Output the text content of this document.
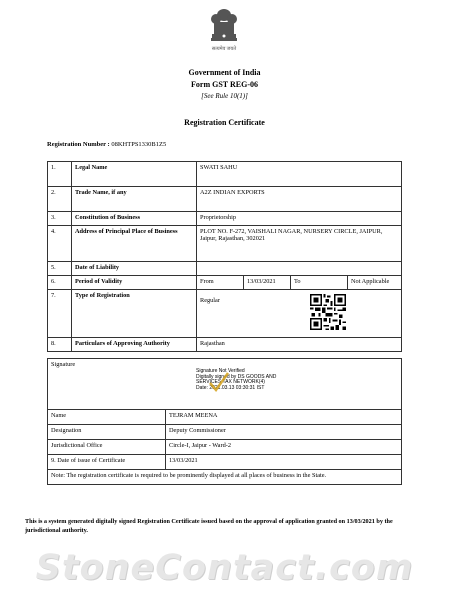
सत्यमेव जयते
Government of India
Form GST REG-06
[See Rule 10(1)]
Registration Certificate
Registration Number : 08KHTPS1330B1Z5
1.	Legal Name	SWATI SAHU			
2.	Trade Name, if any	A2Z INDIAN EXPORTS			
3.	Constitution of Business	Proprietorship			
4.	Address of Principal Place of Business	PLOT NO. F-272, VAISHALI NAGAR, NURSERY CIRCLE, JAIPUR, Jaipur, Rajasthan, 302021			
5.	Date of Liability				
6.	Period of Validity	From	13/03/2021	To	Not Applicable
7.	Type of Registration	Regular			
8.	Particulars of Approving Authority	Rajasthan			
Signature
Signature Not Verified
Digitally signed by DS GOODS AND
SERVICES TAX NETWORK(4)
Date: 2021.03.13 03:30:31 IST
Name	TEJRAM MEENA
Designation	Deputy Commissioner
Jurisdictional Office	Circle-I, Jaipur - Ward-2
9. Date of issue of Certificate	13/03/2021
Note: The registration certificate is required to be prominently displayed at all places of business in the State.	
This is a system generated digitally signed Registration Certificate issued based on the approval of application granted on 13/03/2021 by the jurisdictional authority.
StoneContact.com
